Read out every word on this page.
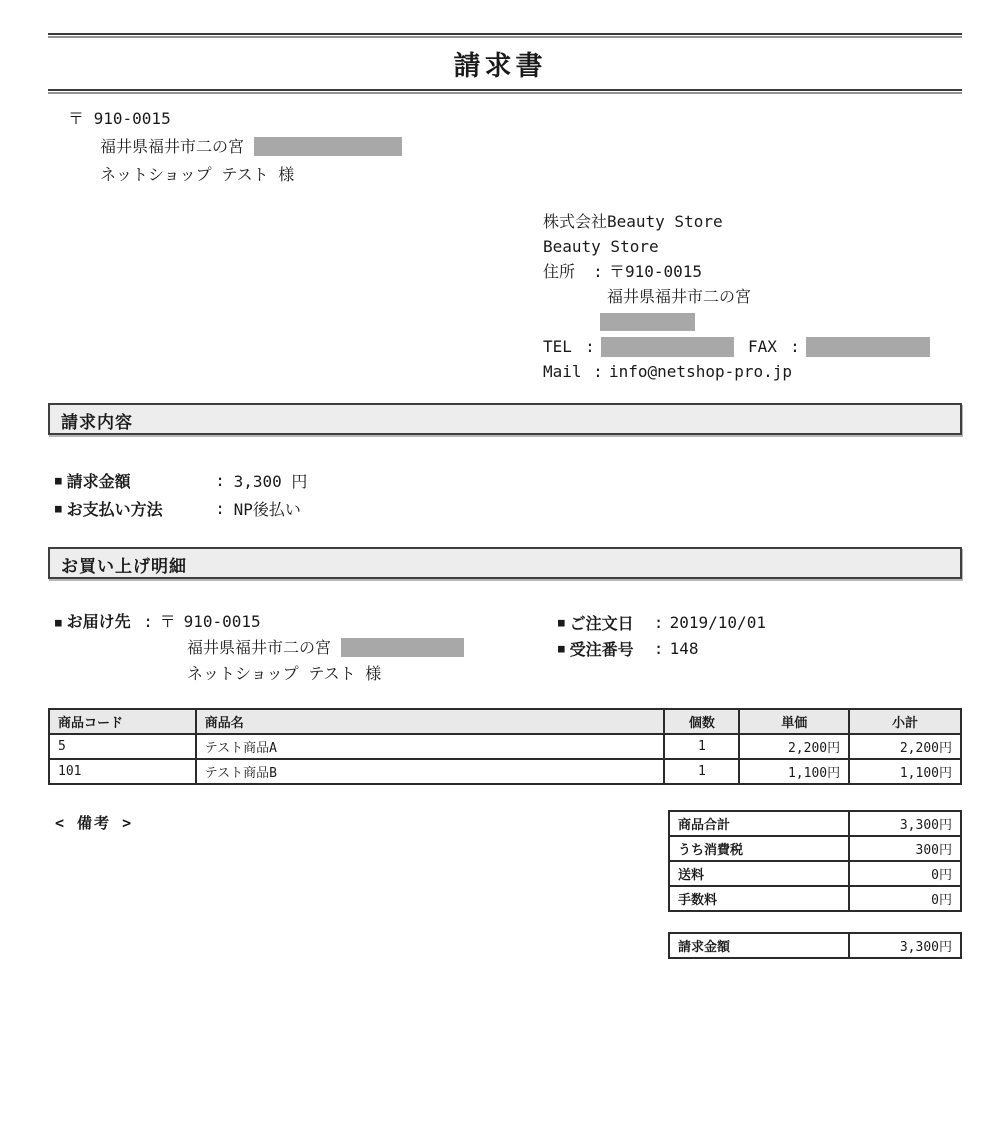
請求書
〒 910-0015
福井県福井市二の宮
ネットショップ テスト 様
株式会社Beauty Store
Beauty Store
住所	: 〒910-0015
福井県福井市二の宮
TEL :	FAX :
Mail : info@netshop-pro.jp
請求内容
■ 請求金額	: 3,300 円
■ お支払い方法	: NP後払い
お買い上げ明細
■ お届け先 : 〒 910-0015
福井県福井市二の宮
ネットショップ テスト 様
■ ご注文日	: 2019/10/01
■ 受注番号	: 148
商品コード	商品名	個数	単価	小計
5	テスト商品A	1	2,200円	2,200円
101	テスト商品B	1	1,100円	1,100円
< 備考 >	商品合計	3,300円
うち消費税	300円
送料	0円
手数料	0円
請求金額	3,300円
